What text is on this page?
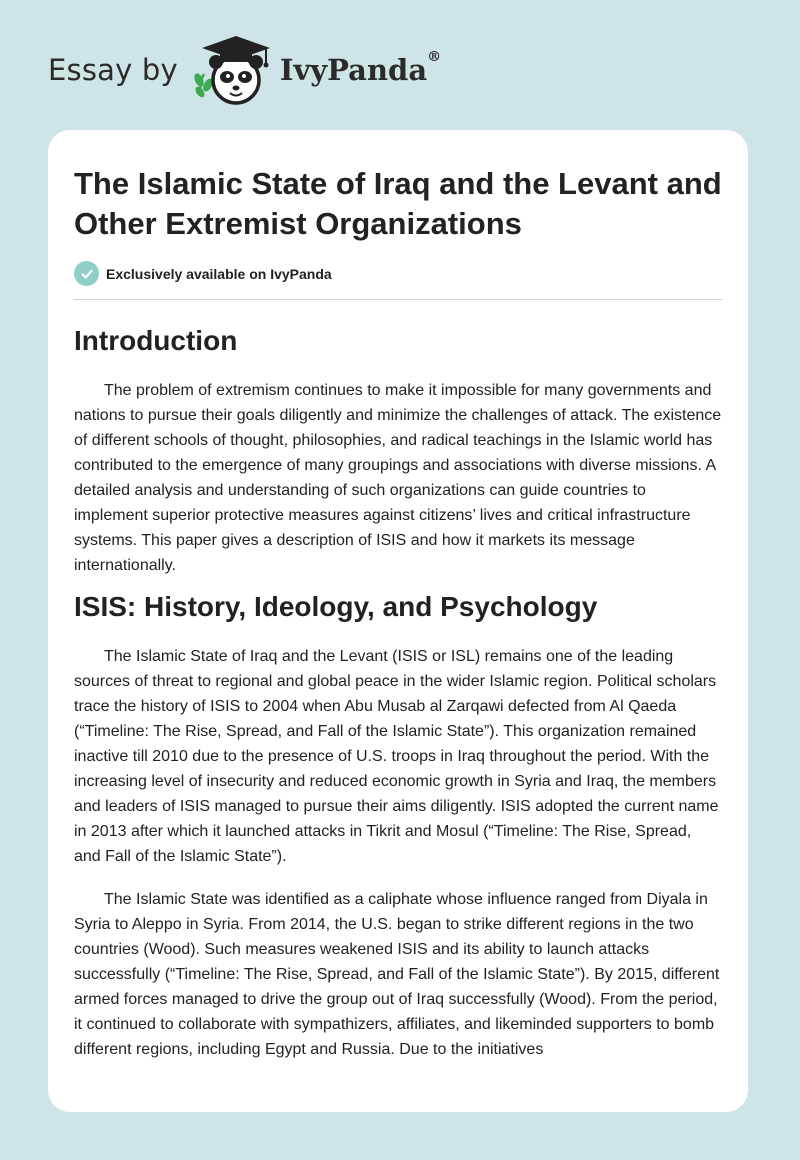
Essay by	IvyPanda®
The Islamic State of Iraq and the Levant and Other Extremist Organizations
Exclusively available on IvyPanda
Introduction

The problem of extremism continues to make it impossible for many governments and nations to pursue their goals diligently and minimize the challenges of attack. The existence of different schools of thought, philosophies, and radical teachings in the Islamic world has contributed to the emergence of many groupings and associations with diverse missions. A detailed analysis and understanding of such organizations can guide countries to implement superior protective measures against citizens’ lives and critical infrastructure systems. This paper gives a description of ISIS and how it markets its message internationally.

ISIS: History, Ideology, and Psychology

The Islamic State of Iraq and the Levant (ISIS or ISL) remains one of the leading sources of threat to regional and global peace in the wider Islamic region. Political scholars trace the history of ISIS to 2004 when Abu Musab al Zarqawi defected from Al Qaeda (“Timeline: The Rise, Spread, and Fall of the Islamic State”). This organization remained inactive till 2010 due to the presence of U.S. troops in Iraq throughout the period. With the increasing level of insecurity and reduced economic growth in Syria and Iraq, the members and leaders of ISIS managed to pursue their aims diligently. ISIS adopted the current name in 2013 after which it launched attacks in Tikrit and Mosul (“Timeline: The Rise, Spread, and Fall of the Islamic State”).

The Islamic State was identified as a caliphate whose influence ranged from Diyala in Syria to Aleppo in Syria. From 2014, the U.S. began to strike different regions in the two countries (Wood). Such measures weakened ISIS and its ability to launch attacks successfully (“Timeline: The Rise, Spread, and Fall of the Islamic State”). By 2015, different armed forces managed to drive the group out of Iraq successfully (Wood). From the period, it continued to collaborate with sympathizers, affiliates, and likeminded supporters to bomb different regions, including Egypt and Russia. Due to the initiatives
